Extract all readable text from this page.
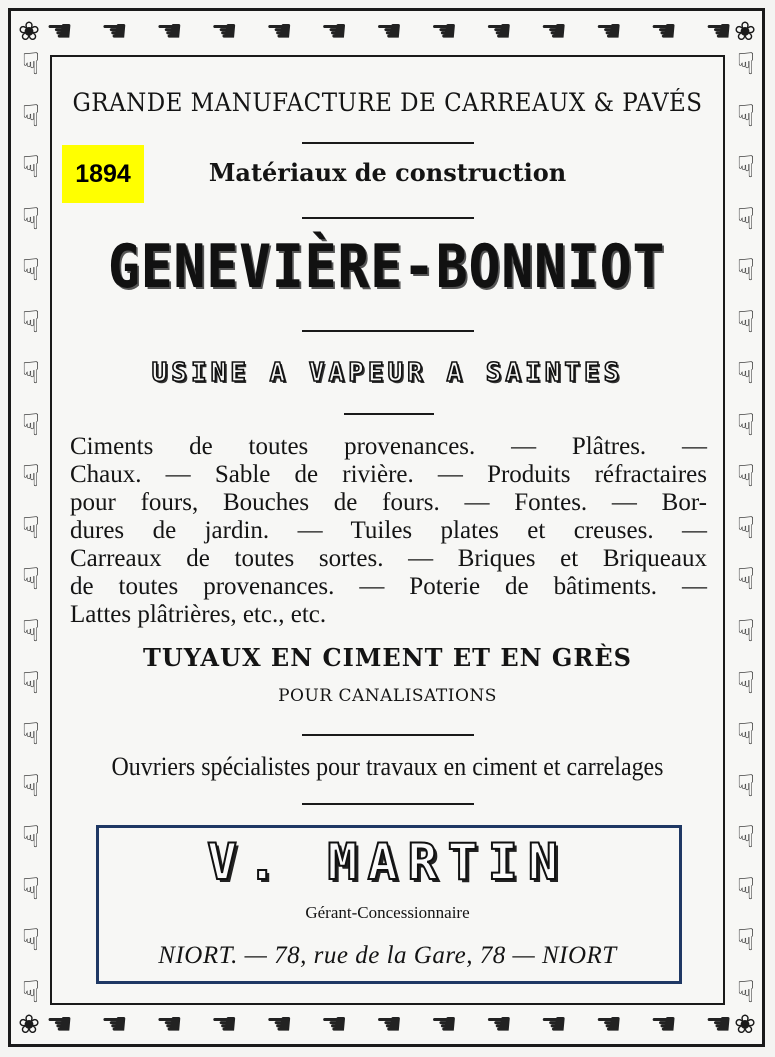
☚ ☚ ☚ ☚ ☚ ☚ ☚ ☚ ☚ ☚ ☚ ☚ ☚
☚ ☚ ☚ ☚ ☚ ☚ ☚ ☚ ☚ ☚ ☚ ☚ ☚
☟
☟
☟
☟
☟
☟
☟
☟
☟
☟
☟
☟
☟
☟
☟
☟
☟
☟
☟
☟
☟
☟
☟
☟
☟
☟
☟
☟
☟
☟
☟
☟
☟
☟
☟
☟
☟
☟
❀	❀
❀	❀
GRANDE MANUFACTURE DE CARREAUX & PAVÉS
1894	Matériaux de construction
GENEVIÈRE-BONNIOT
USINE A VAPEUR A SAINTES
Ciments de toutes provenances. — Plâtres. —
Chaux. — Sable de rivière. — Produits réfractaires
pour fours, Bouches de fours. — Fontes. — Bor-
dures de jardin. — Tuiles plates et creuses. —
Carreaux de toutes sortes. — Briques et Briqueaux
de toutes provenances. — Poterie de bâtiments. —
Lattes plâtrières, etc., etc.
TUYAUX EN CIMENT ET EN GRÈS
POUR CANALISATIONS
Ouvriers spécialistes pour travaux en ciment et carrelages
V. MARTIN
Gérant-Concessionnaire
NIORT. — 78, rue de la Gare, 78 — NIORT
